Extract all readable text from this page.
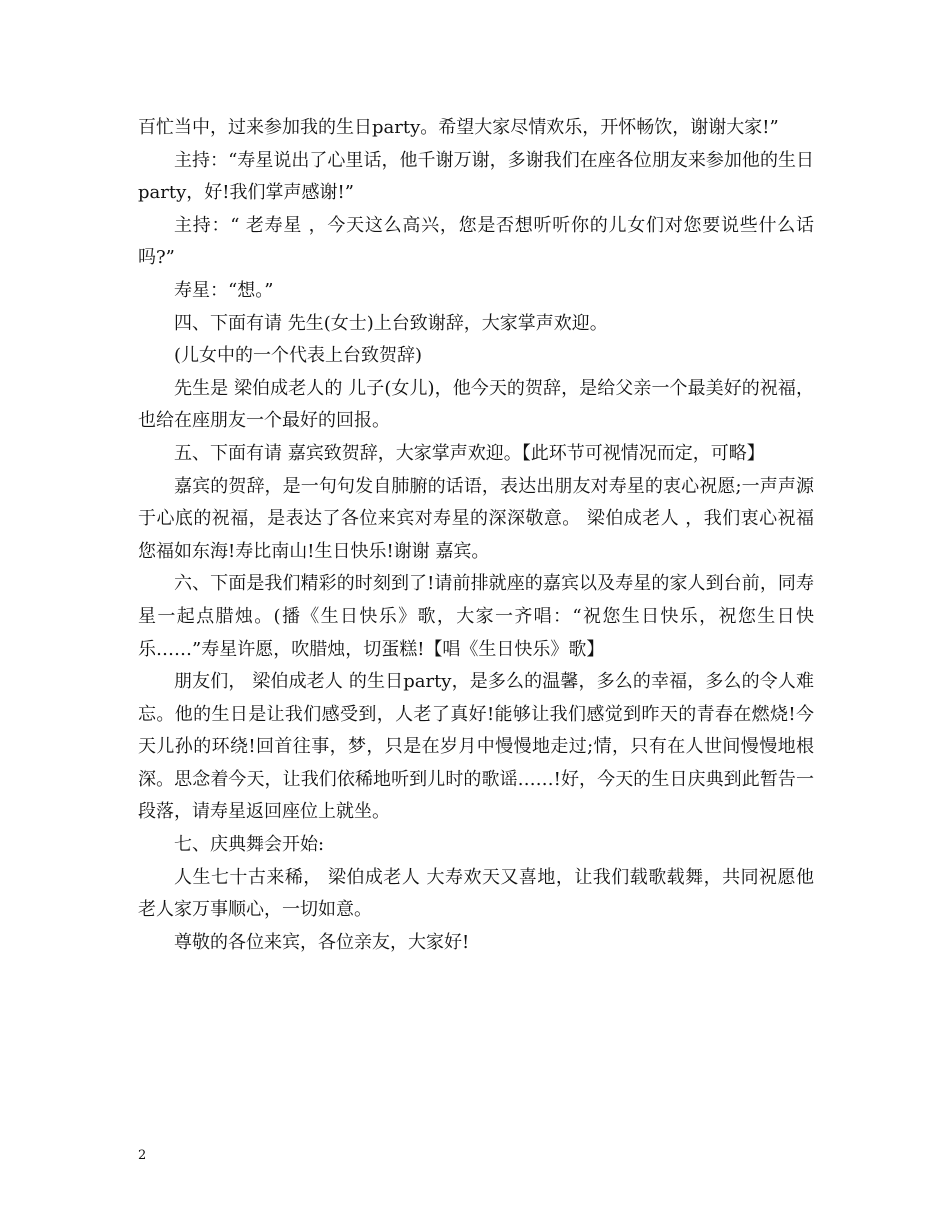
百忙当中，过来参加我的生日party。希望大家尽情欢乐，开怀畅饮，谢谢大家!”

主持：“寿星说出了心里话，他千谢万谢，多谢我们在座各位朋友来参加他的生日party，好!我们掌声感谢!”

主持：“ 老寿星 ，今天这么高兴，您是否想听听你的儿女们对您要说些什么话吗?”

寿星：“想。”

四、下面有请 先生(女士)上台致谢辞，大家掌声欢迎。

(儿女中的一个代表上台致贺辞)

先生是 梁伯成老人的 儿子(女儿)，他今天的贺辞，是给父亲一个最美好的祝福，也给在座朋友一个最好的回报。

五、下面有请 嘉宾致贺辞，大家掌声欢迎。【此环节可视情况而定，可略】

嘉宾的贺辞，是一句句发自肺腑的话语，表达出朋友对寿星的衷心祝愿;一声声源于心底的祝福，是表达了各位来宾对寿星的深深敬意。 梁伯成老人 ，我们衷心祝福您福如东海!寿比南山!生日快乐!谢谢 嘉宾。

六、下面是我们精彩的时刻到了!请前排就座的嘉宾以及寿星的家人到台前，同寿星一起点腊烛。(播《生日快乐》歌，大家一齐唱：“祝您生日快乐，祝您生日快乐……”寿星许愿，吹腊烛，切蛋糕!【唱《生日快乐》歌】

朋友们， 梁伯成老人 的生日party，是多么的温馨，多么的幸福，多么的令人难忘。他的生日是让我们感受到，人老了真好!能够让我们感觉到昨天的青春在燃烧!今天儿孙的环绕!回首往事，梦，只是在岁月中慢慢地走过;情，只有在人世间慢慢地根深。思念着今天，让我们依稀地听到儿时的歌谣……!好，今天的生日庆典到此暂告一段落，请寿星返回座位上就坐。

七、庆典舞会开始:

人生七十古来稀， 梁伯成老人 大寿欢天又喜地，让我们载歌载舞，共同祝愿他老人家万事顺心，一切如意。

尊敬的各位来宾，各位亲友，大家好!

2
